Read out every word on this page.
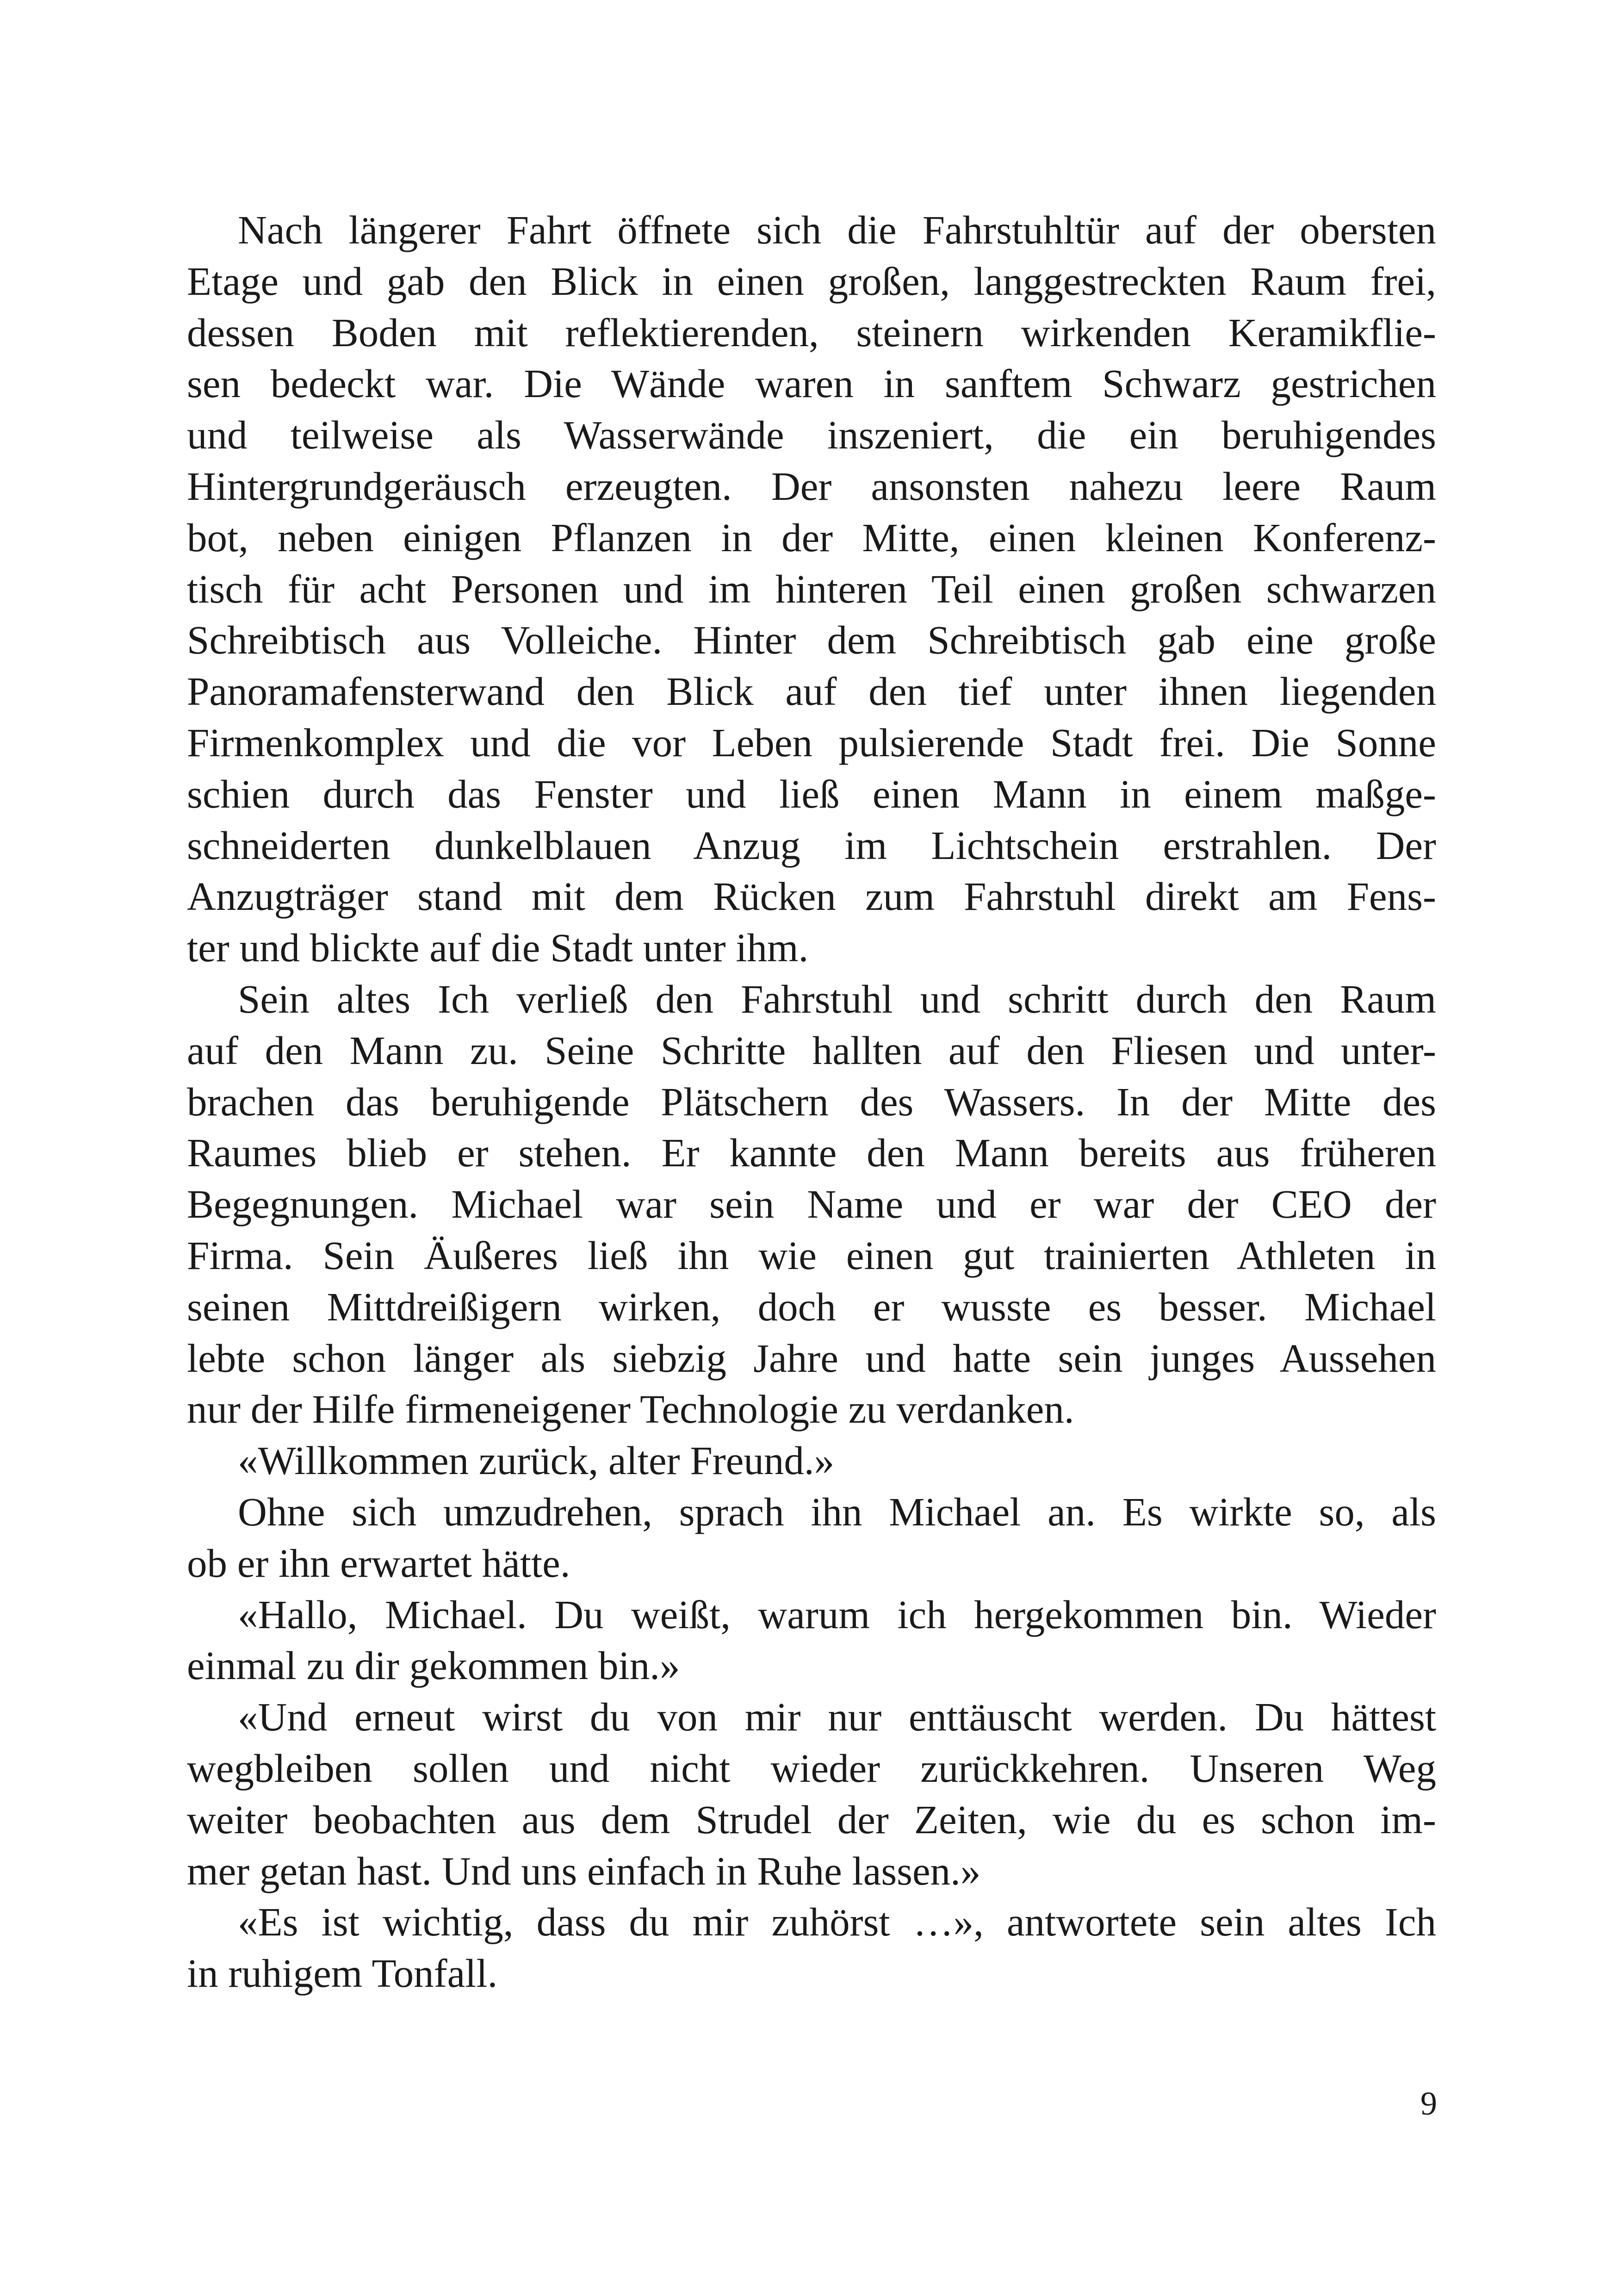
Nach längerer Fahrt öffnete sich die Fahrstuhltür auf der obersten
Etage und gab den Blick in einen großen, langgestreckten Raum frei,
dessen Boden mit reflektierenden, steinern wirkenden Keramikflie-
sen bedeckt war. Die Wände waren in sanftem Schwarz gestrichen
und teilweise als Wasserwände inszeniert, die ein beruhigendes
Hintergrundgeräusch erzeugten. Der ansonsten nahezu leere Raum
bot, neben einigen Pflanzen in der Mitte, einen kleinen Konferenz-
tisch für acht Personen und im hinteren Teil einen großen schwarzen
Schreibtisch aus Volleiche. Hinter dem Schreibtisch gab eine große
Panoramafensterwand den Blick auf den tief unter ihnen liegenden
Firmenkomplex und die vor Leben pulsierende Stadt frei. Die Sonne
schien durch das Fenster und ließ einen Mann in einem maßge-
schneiderten dunkelblauen Anzug im Lichtschein erstrahlen. Der
Anzugträger stand mit dem Rücken zum Fahrstuhl direkt am Fens-
ter und blickte auf die Stadt unter ihm.
Sein altes Ich verließ den Fahrstuhl und schritt durch den Raum
auf den Mann zu. Seine Schritte hallten auf den Fliesen und unter-
brachen das beruhigende Plätschern des Wassers. In der Mitte des
Raumes blieb er stehen. Er kannte den Mann bereits aus früheren
Begegnungen. Michael war sein Name und er war der CEO der
Firma. Sein Äußeres ließ ihn wie einen gut trainierten Athleten in
seinen Mittdreißigern wirken, doch er wusste es besser. Michael
lebte schon länger als siebzig Jahre und hatte sein junges Aussehen
nur der Hilfe firmeneigener Technologie zu verdanken.
«Willkommen zurück, alter Freund.»
Ohne sich umzudrehen, sprach ihn Michael an. Es wirkte so, als
ob er ihn erwartet hätte.
«Hallo, Michael. Du weißt, warum ich hergekommen bin. Wieder
einmal zu dir gekommen bin.»
«Und erneut wirst du von mir nur enttäuscht werden. Du hättest
wegbleiben sollen und nicht wieder zurückkehren. Unseren Weg
weiter beobachten aus dem Strudel der Zeiten, wie du es schon im-
mer getan hast. Und uns einfach in Ruhe lassen.»
«Es ist wichtig, dass du mir zuhörst …», antwortete sein altes Ich
in ruhigem Tonfall.
9
